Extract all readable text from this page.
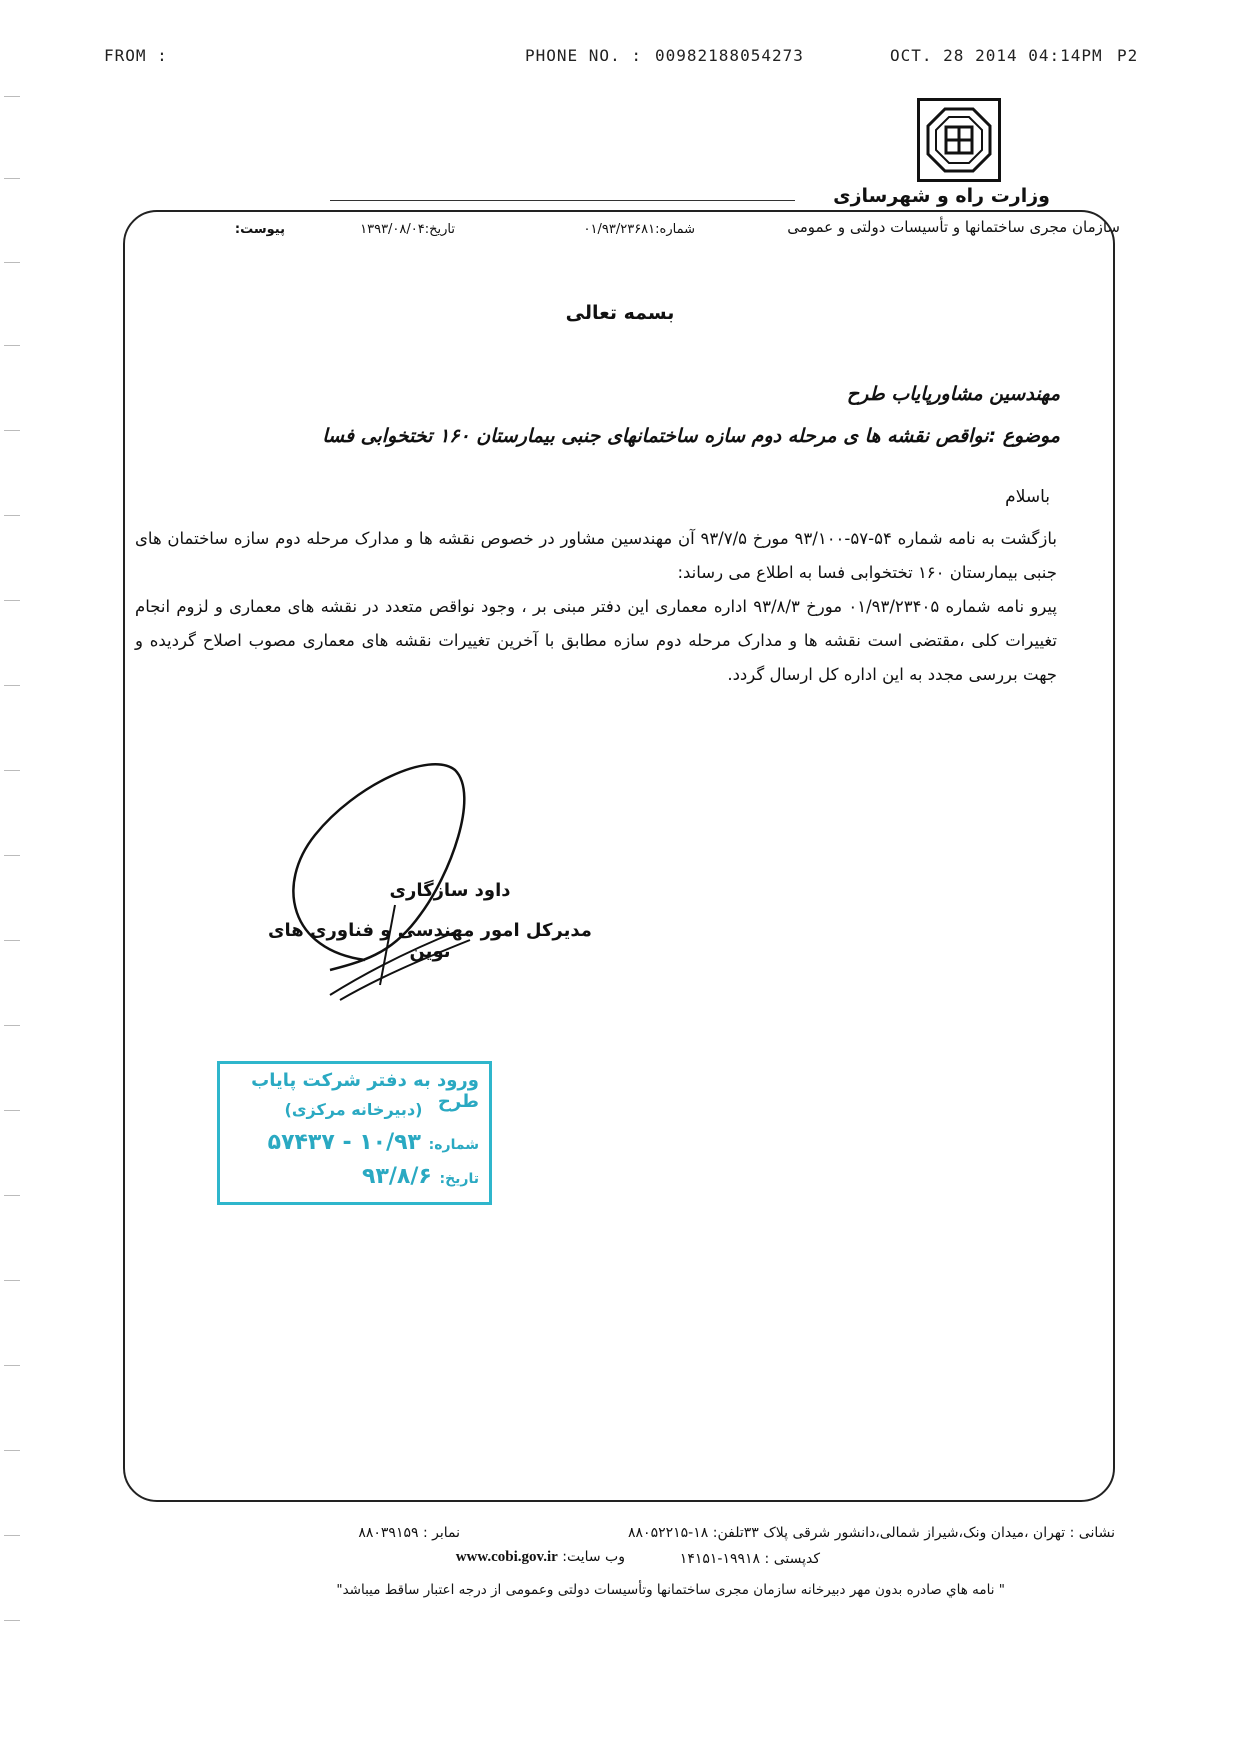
FROM :	PHONE NO. : 00982188054273	OCT. 28 2014 04:14PM P2
وزارت راه و شهرسازی
سازمان مجری ساختمانها و تأسیسات دولتی و عمومی
پیوست:	تاریخ:۱۳۹۳/۰۸/۰۴	شماره:۰۱/۹۳/۲۳۶۸۱
بسمه تعالی
مهندسین مشاورپایاب طرح
موضوع :نواقص نقشه ها ی مرحله دوم سازه ساختمانهای جنبی بیمارستان ۱۶۰ تختخوابی فسا
باسلام
بازگشت به نامه شماره ۵۴-۵۷-۹۳/۱۰۰ مورخ ۹۳/۷/۵ آن مهندسین مشاور در خصوص نقشه ها و مدارک مرحله دوم سازه ساختمان های جنبی بیمارستان ۱۶۰ تختخوابی فسا به اطلاع می رساند:
پیرو نامه شماره ۰۱/۹۳/۲۳۴۰۵ مورخ ۹۳/۸/۳ اداره معماری این دفتر مبنی بر ، وجود نواقص متعدد در نقشه های معماری و لزوم انجام تغییرات کلی ،مقتضی است نقشه ها و مدارک مرحله دوم سازه مطابق با آخرین تغییرات نقشه های معماری مصوب اصلاح گردیده و جهت بررسی مجدد به این اداره کل ارسال گردد.
داود سازگاری
مدیرکل امور مهندسی و فناوری های نوین
ورود به دفتر شرکت پایاب طرح
(دبیرخانه مرکزی)
شماره: ۱۰/۹۳ - ۵۷۴۳۷
تاریخ: ۹۳/۸/۶
نشانی : تهران ،میدان ونک،شیراز شمالی،دانشور شرقی پلاک ۳۳تلفن: ۱۸-۸۸۰۵۲۲۱۵
نمابر : ۸۸۰۳۹۱۵۹
کدپستی : ۱۹۹۱۸-۱۴۱۵۱
وب سایت: www.cobi.gov.ir
" نامه هاي صادره بدون مهر دبیرخانه سازمان مجری ساختمانها وتأسیسات دولتی وعمومی از درجه اعتبار ساقط میباشد"
